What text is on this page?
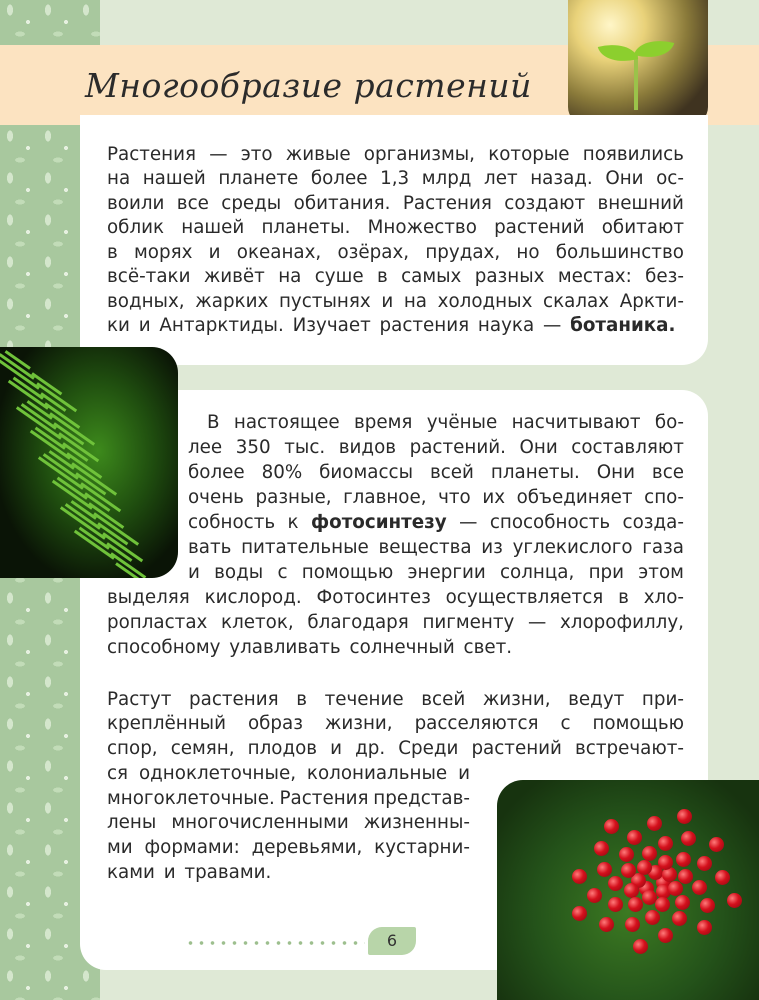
Многообразие растений
Растения — это живые организмы, которые появились
на нашей планете более 1,3 млрд лет назад. Они ос-
воили все среды обитания. Растения создают внешний
облик нашей планеты. Множество растений обитают
в морях и океанах, озёрах, прудах, но большинство
всё-таки живёт на суше в самых разных местах: без-
водных, жарких пустынях и на холодных скалах Аркти-
ки и Антарктиды. Изучает растения наука — ботаника.
В настоящее время учёные насчитывают бо-
лее 350 тыс. видов растений. Они составляют
более 80% биомассы всей планеты. Они все
очень разные, главное, что их объединяет спо-
собность к фотосинтезу — способность созда-
вать питательные вещества из углекислого газа
и воды с помощью энергии солнца, при этом
выделяя кислород. Фотосинтез осуществляется в хло-
ропластах клеток, благодаря пигменту — хлорофиллу,
способному улавливать солнечный свет.
Растут растения в течение всей жизни, ведут при-
креплённый образ жизни, расселяются с помощью
спор, семян, плодов и др. Среди растений встречают-
ся одноклеточные, колониальные и
многоклеточные. Растения представ-
лены многочисленными жизненны-
ми формами: деревьями, кустарни-
ками и травами.
6
